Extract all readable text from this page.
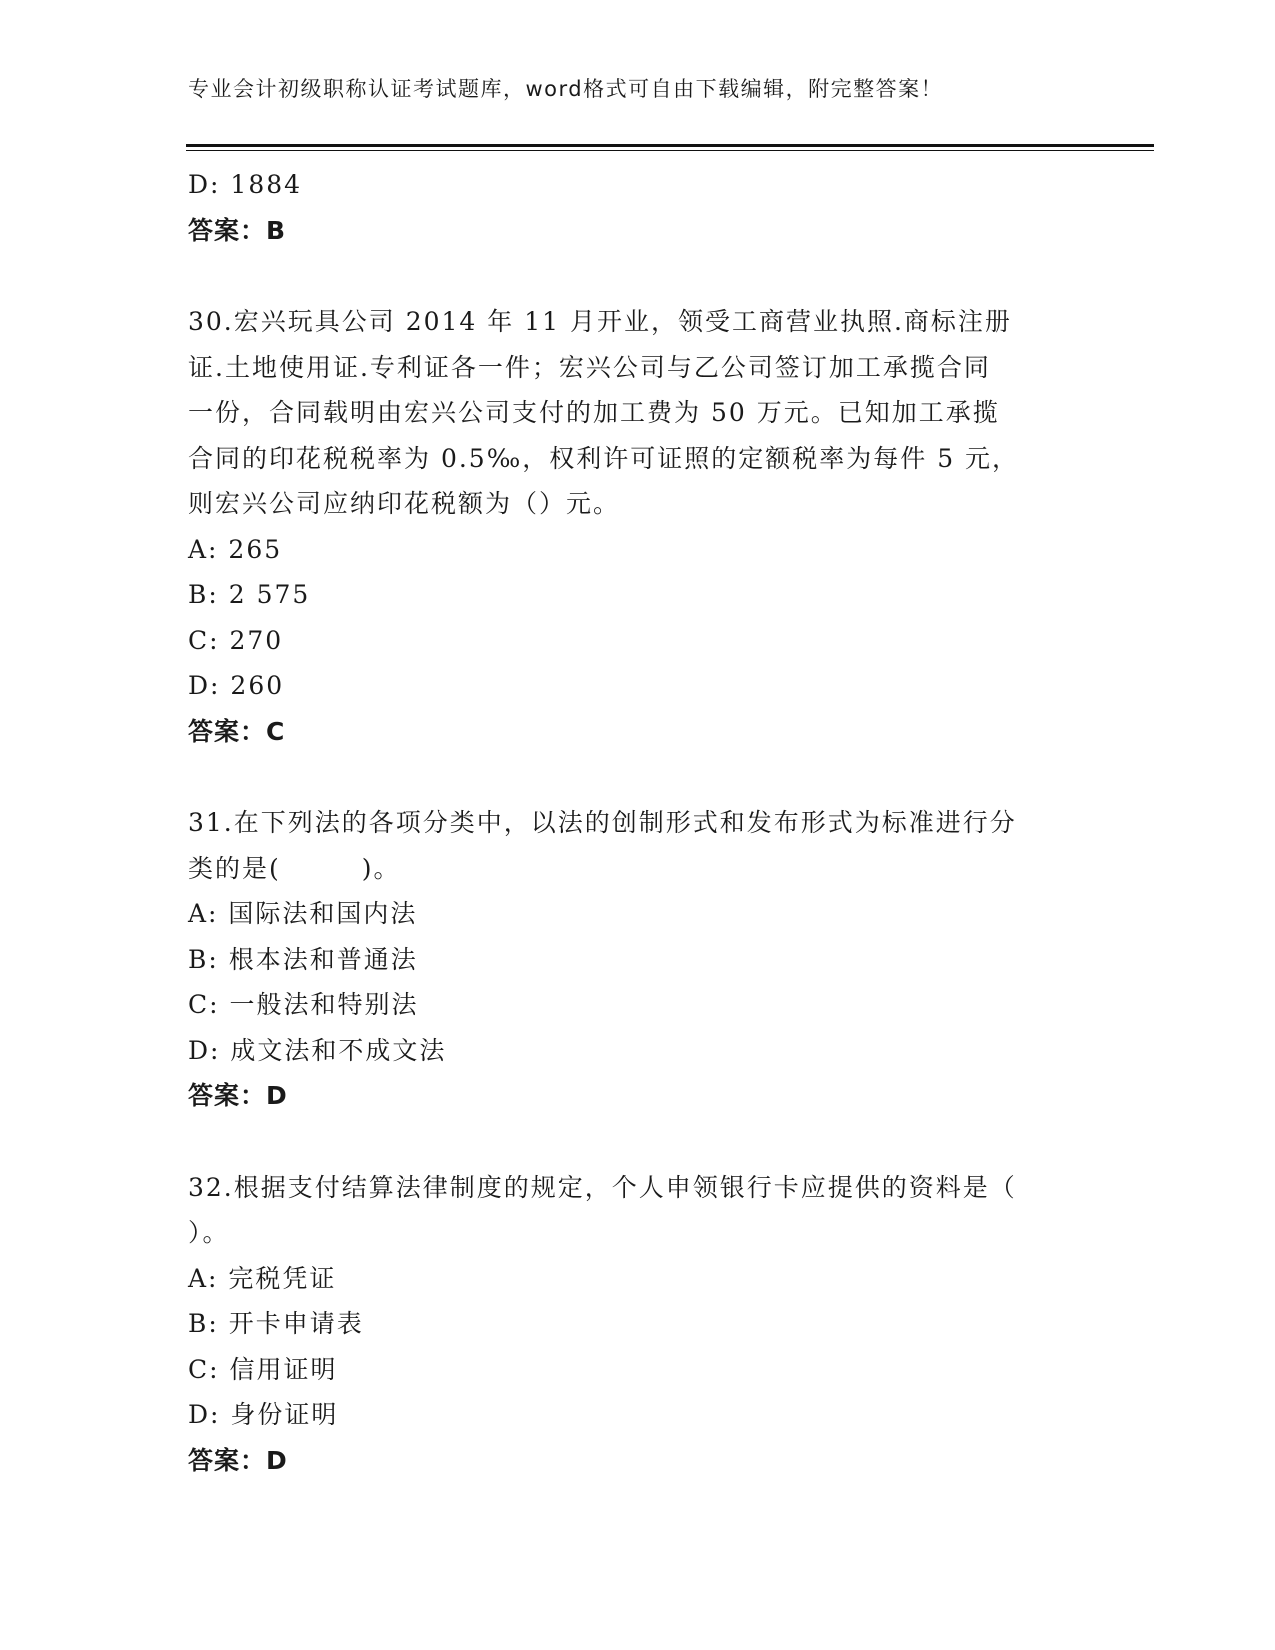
专业会计初级职称认证考试题库，word格式可自由下载编辑，附完整答案！
D: 1884
答案：B
30.宏兴玩具公司 2014 年 11 月开业，领受工商营业执照.商标注册
证.土地使用证.专利证各一件；宏兴公司与乙公司签订加工承揽合同
一份，合同载明由宏兴公司支付的加工费为 50 万元。已知加工承揽
合同的印花税税率为 0.5‰，权利许可证照的定额税率为每件 5 元，
则宏兴公司应纳印花税额为（）元。
A: 265
B: 2 575
C: 270
D: 260
答案：C
31.在下列法的各项分类中，以法的创制形式和发布形式为标准进行分
类的是(　　　)。
A: 国际法和国内法
B: 根本法和普通法
C: 一般法和特别法
D: 成文法和不成文法
答案：D
32.根据支付结算法律制度的规定，个人申领银行卡应提供的资料是（
）。
A: 完税凭证
B: 开卡申请表
C: 信用证明
D: 身份证明
答案：D
